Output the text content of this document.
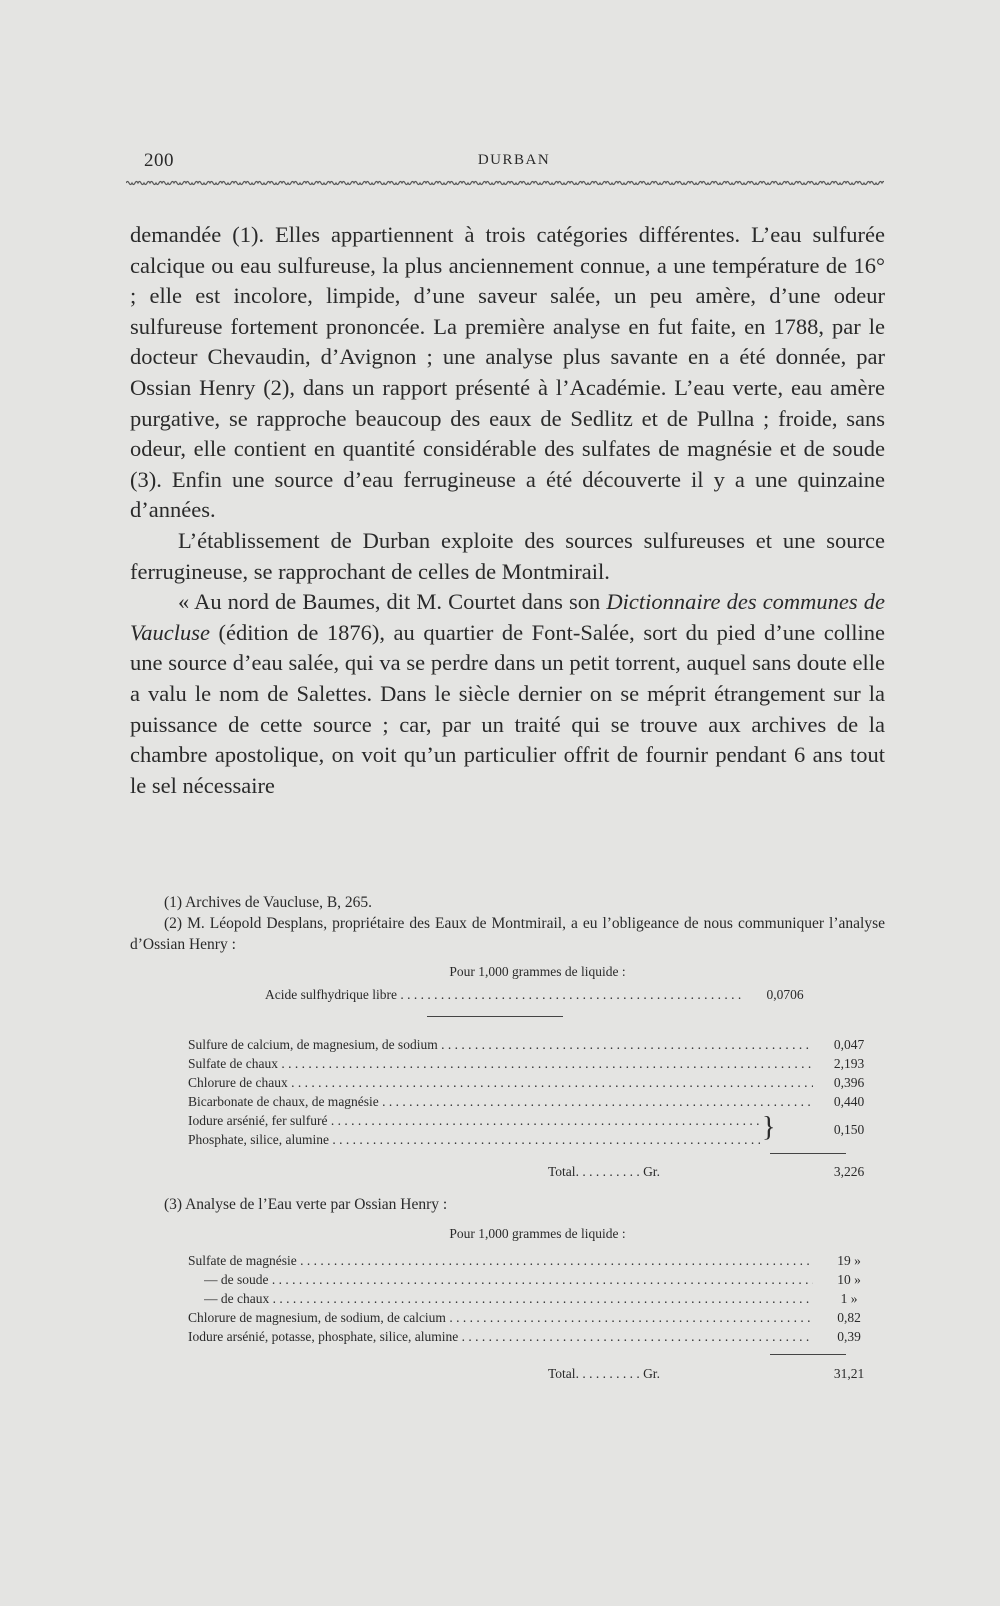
200	DURBAN

demandée (1). Elles appartiennent à trois catégories différentes. L’eau sulfurée calcique ou eau sulfureuse, la plus anciennement connue, a une température de 16° ; elle est incolore, limpide, d’une saveur salée, un peu amère, d’une odeur sulfureuse fortement prononcée. La première analyse en fut faite, en 1788, par le docteur Chevaudin, d’Avignon ; une analyse plus savante en a été donnée, par Ossian Henry (2), dans un rapport présenté à l’Académie. L’eau verte, eau amère purgative, se rapproche beaucoup des eaux de Sedlitz et de Pullna ; froide, sans odeur, elle contient en quantité considérable des sulfates de magnésie et de soude (3). Enfin une source d’eau ferrugineuse a été découverte il y a une quinzaine d’années.

L’établissement de Durban exploite des sources sulfureuses et une source ferrugineuse, se rapprochant de celles de Montmirail.

« Au nord de Baumes, dit M. Courtet dans son Dictionnaire des communes de Vaucluse (édition de 1876), au quartier de Font-Salée, sort du pied d’une colline une source d’eau salée, qui va se perdre dans un petit torrent, auquel sans doute elle a valu le nom de Salettes. Dans le siècle dernier on se méprit étrangement sur la puissance de cette source ; car, par un traité qui se trouve aux archives de la chambre apostolique, on voit qu’un particulier offrit de fournir pendant 6 ans tout le sel nécessaire

(1) Archives de Vaucluse, B, 265.

(2) M. Léopold Desplans, propriétaire des Eaux de Montmirail, a eu l’obligeance de nous communiquer l’analyse d’Ossian Henry :

Pour 1,000 grammes de liquide :
Acide sulfhydrique libre . . .	0,0706
Sulfure de calcium, de magnesium, de sodium . . .	0,047
Sulfate de chaux . . .	2,193
Chlorure de chaux . . .	0,396
Bicarbonate de chaux, de magnésie . . .	0,440
Iodure arsénié, fer sulfuré . . .
Phosphate, silice, alumine . . .	}	0,150
Total. . . . . . . . . . Gr.	3,226

(3) Analyse de l’Eau verte par Ossian Henry :

Pour 1,000 grammes de liquide :
Sulfate de magnésie . . .	19 »
— de soude . . .	10 »
— de chaux . . .	1 »
Chlorure de magnesium, de sodium, de calcium . . .	0,82
Iodure arsénié, potasse, phosphate, silice, alumine . . .	0,39
Total. . . . . . . . . . Gr.	31,21
